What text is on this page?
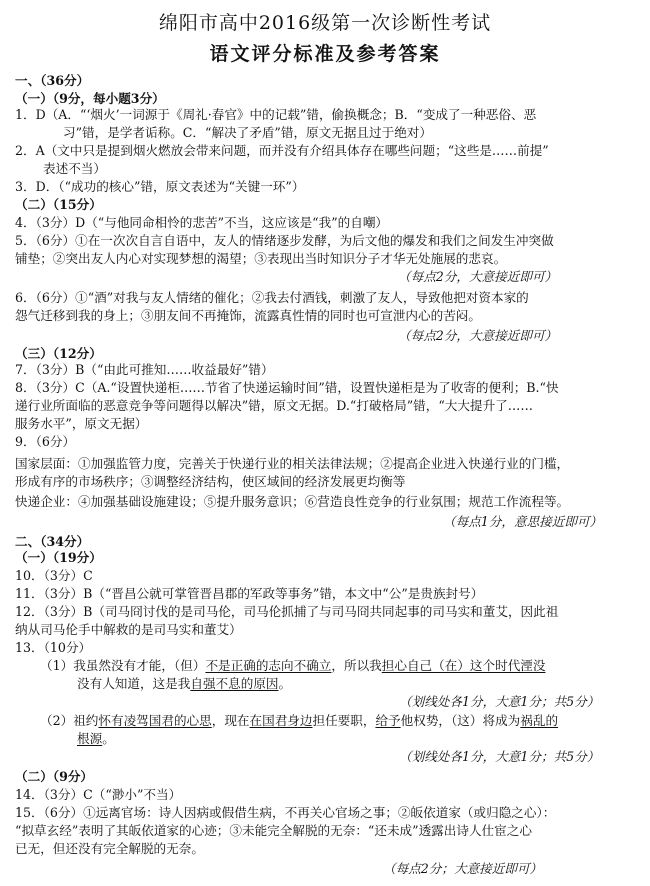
绵阳市高中2016级第一次诊断性考试
语文评分标准及参考答案
一、（36分）
（一）（9分，每小题3分）
1．D（A．“‘烟火’一词源于《周礼·春官》中的记载”错，偷换概念；B．“变成了一种恶俗、恶
习”错，是学者诟称。C．“解决了矛盾”错，原文无据且过于绝对）
2．A（文中只是提到烟火燃放会带来问题，而并没有介绍具体存在哪些问题；“这些是……前提”
表述不当）
3．D．（“成功的核心”错，原文表述为“关键一环”）
（二）（15分）
4．（3分）D（“与他同命相怜的悲苦”不当，这应该是“我”的自嘲）
5．（6分）①在一次次自言自语中，友人的情绪逐步发酵，为后文他的爆发和我们之间发生冲突做
铺垫；②突出友人内心对实现梦想的渴望；③表现出当时知识分子才华无处施展的悲哀。
（每点2分，大意接近即可）
6．（6分）①“酒”对我与友人情绪的催化；②我去付酒钱，刺激了友人，导致他把对资本家的
怨气迁移到我的身上；③朋友间不再掩饰，流露真性情的同时也可宣泄内心的苦闷。
（每点2分，大意接近即可）
（三）（12分）
7．（3分）B（“由此可推知……收益最好”错）
8．（3分）C（A.“设置快递柜……节省了快递运输时间”错，设置快递柜是为了收寄的便利；B.“快
递行业所面临的恶意竞争等问题得以解决”错，原文无据。D.“打破格局”错，“大大提升了……
服务水平”，原文无据）
9．（6分）
国家层面：①加强监管力度，完善关于快递行业的相关法律法规；②提高企业进入快递行业的门槛，
形成有序的市场秩序；③调整经济结构，使区域间的经济发展更均衡等
快递企业：④加强基础设施建设；⑤提升服务意识；⑥营造良性竞争的行业氛围；规范工作流程等。
（每点1分，意思接近即可）
二、（34分）
（一）（19分）
10．（3分）C
11．（3分）B（“晋昌公就可掌管晋昌郡的军政等事务”错，本文中“公”是贵族封号）
12．（3分）B（司马冏讨伐的是司马伦，司马伦抓捕了与司马冏共同起事的司马实和董艾，因此祖
纳从司马伦手中解救的是司马实和董艾）
13．（10分）
（1）我虽然没有才能，（但）不是正确的志向不确立，所以我担心自己（在）这个时代湮没
没有人知道，这是我自强不息的原因。
（划线处各1分，大意1分；共5分）
（2）祖约怀有凌驾国君的心思，现在在国君身边担任要职，给予他权势，（这）将成为祸乱的
根源。
（划线处各1分，大意1分；共5分）
（二）（9分）
14．（3分）C（“渺小”不当）
15．（6分）①远离官场：诗人因病或假借生病，不再关心官场之事；②皈依道家（或归隐之心）：
“拟草玄经”表明了其皈依道家的心迹；③未能完全解脱的无奈：“还未成”透露出诗人仕宦之心
已无，但还没有完全解脱的无奈。
（每点2分；大意接近即可）
